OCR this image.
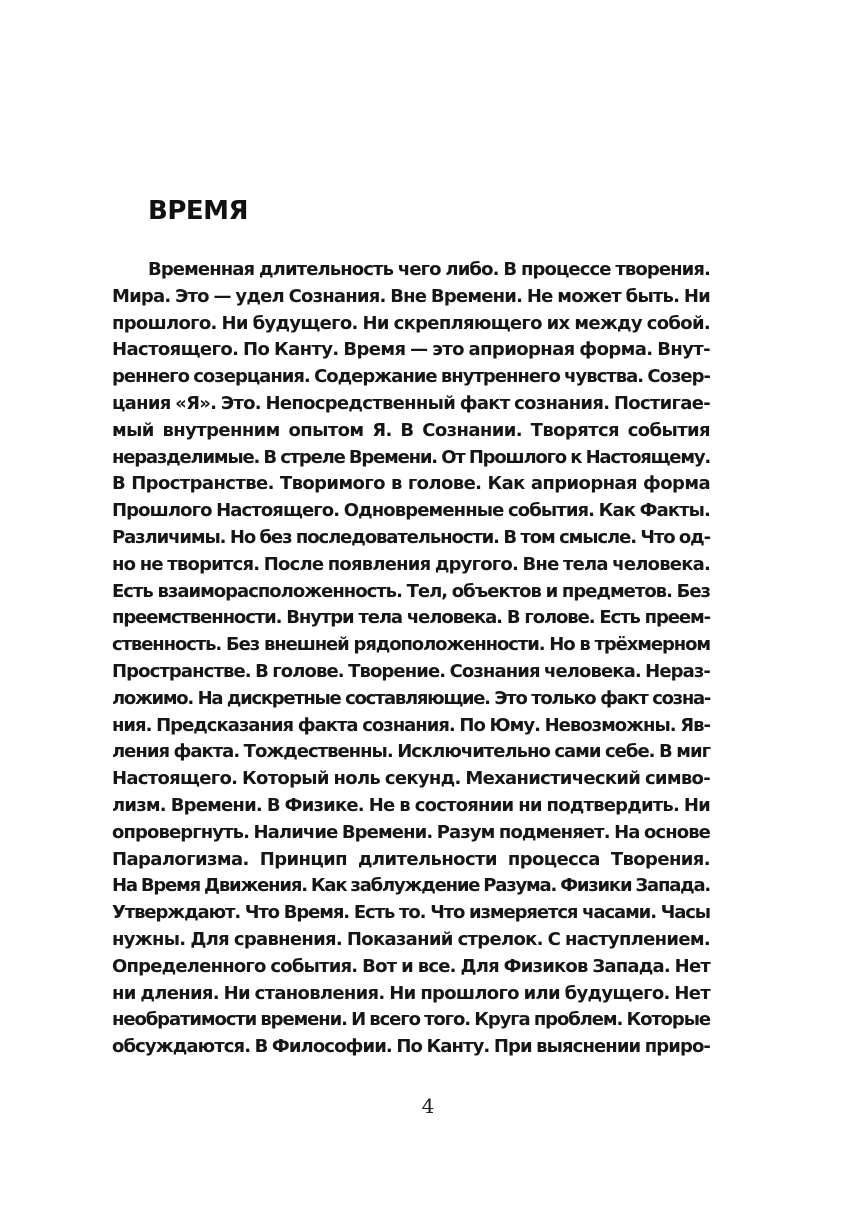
ВРЕМЯ
Временная длительность чего либо. В процессе творения.
Мира. Это — удел Сознания. Вне Времени. Не может быть. Ни
прошлого. Ни будущего. Ни скрепляющего их между собой.
Настоящего. По Канту. Время — это априорная форма. Внут-
реннего созерцания. Содержание внутреннего чувства. Созер-
цания «Я». Это. Непосредственный факт сознания. Постигае-
мый внутренним опытом Я. В Сознании. Творятся события
неразделимые. В стреле Времени. От Прошлого к Настоящему.
В Пространстве. Творимого в голове. Как априорная форма
Прошлого Настоящего. Одновременные события. Как Факты.
Различимы. Но без последовательности. В том смысле. Что од-
но не творится. После появления другого. Вне тела человека.
Есть взаиморасположенность. Тел, объектов и предметов. Без
преемственности. Внутри тела человека. В голове. Есть преем-
ственность. Без внешней рядоположенности. Но в трёхмерном
Пространстве. В голове. Творение. Сознания человека. Нераз-
ложимо. На дискретные составляющие. Это только факт созна-
ния. Предсказания факта сознания. По Юму. Невозможны. Яв-
ления факта. Тождественны. Исключительно сами себе. В миг
Настоящего. Который ноль секунд. Механистический симво-
лизм. Времени. В Физике. Не в состоянии ни подтвердить. Ни
опровергнуть. Наличие Времени. Разум подменяет. На основе
Паралогизма. Принцип длительности процесса Творения.
На Время Движения. Как заблуждение Разума. Физики Запада.
Утверждают. Что Время. Есть то. Что измеряется часами. Часы
нужны. Для сравнения. Показаний стрелок. С наступлением.
Определенного события. Вот и все. Для Физиков Запада. Нет
ни дления. Ни становления. Ни прошлого или будущего. Нет
необратимости времени. И всего того. Круга проблем. Которые
обсуждаются. В Философии. По Канту. При выяснении приро-
4
